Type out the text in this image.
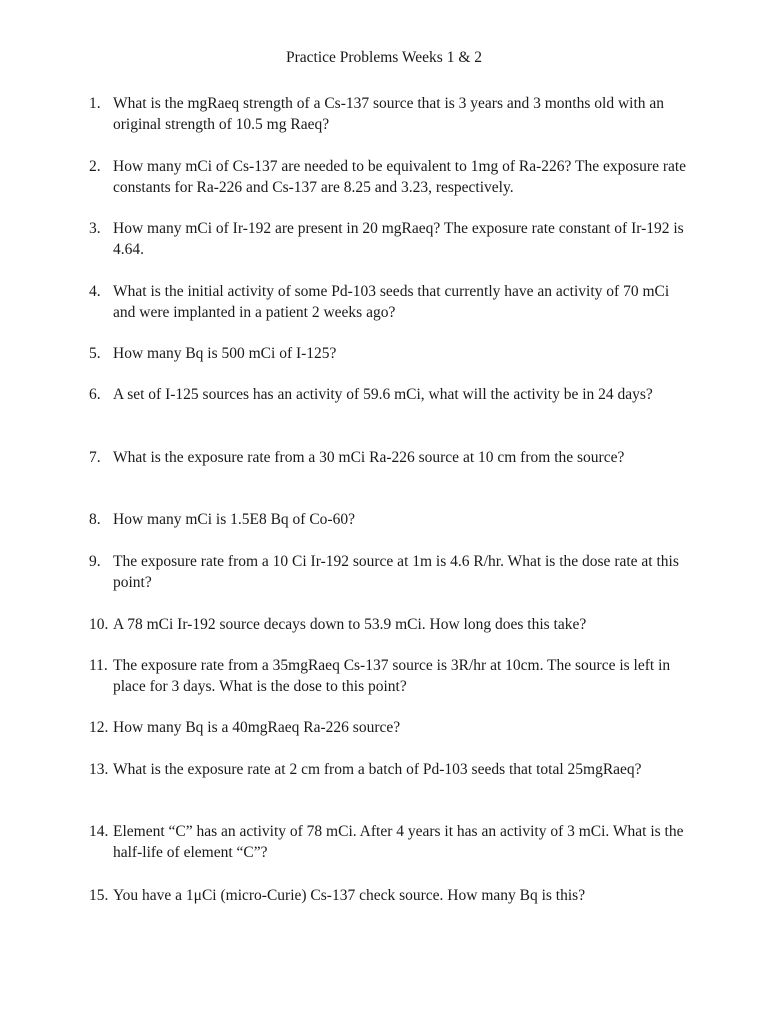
Practice Problems Weeks 1 & 2
1. What is the mgRaeq strength of a Cs-137 source that is 3 years and 3 months old with an original strength of 10.5 mg Raeq?
2. How many mCi of Cs-137 are needed to be equivalent to 1mg of Ra-226? The exposure rate constants for Ra-226 and Cs-137 are 8.25 and 3.23, respectively.
3. How many mCi of Ir-192 are present in 20 mgRaeq? The exposure rate constant of Ir-192 is 4.64.
4. What is the initial activity of some Pd-103 seeds that currently have an activity of 70 mCi and were implanted in a patient 2 weeks ago?
5. How many Bq is 500 mCi of I-125?
6. A set of I-125 sources has an activity of 59.6 mCi, what will the activity be in 24 days?
7. What is the exposure rate from a 30 mCi Ra-226 source at 10 cm from the source?
8. How many mCi is 1.5E8 Bq of Co-60?
9. The exposure rate from a 10 Ci Ir-192 source at 1m is 4.6 R/hr. What is the dose rate at this point?
10. A 78 mCi Ir-192 source decays down to 53.9 mCi. How long does this take?
11. The exposure rate from a 35mgRaeq Cs-137 source is 3R/hr at 10cm. The source is left in place for 3 days. What is the dose to this point?
12. How many Bq is a 40mgRaeq Ra-226 source?
13. What is the exposure rate at 2 cm from a batch of Pd-103 seeds that total 25mgRaeq?
14. Element “C” has an activity of 78 mCi. After 4 years it has an activity of 3 mCi. What is the half-life of element “C”?
15. You have a 1μCi (micro-Curie) Cs-137 check source. How many Bq is this?
